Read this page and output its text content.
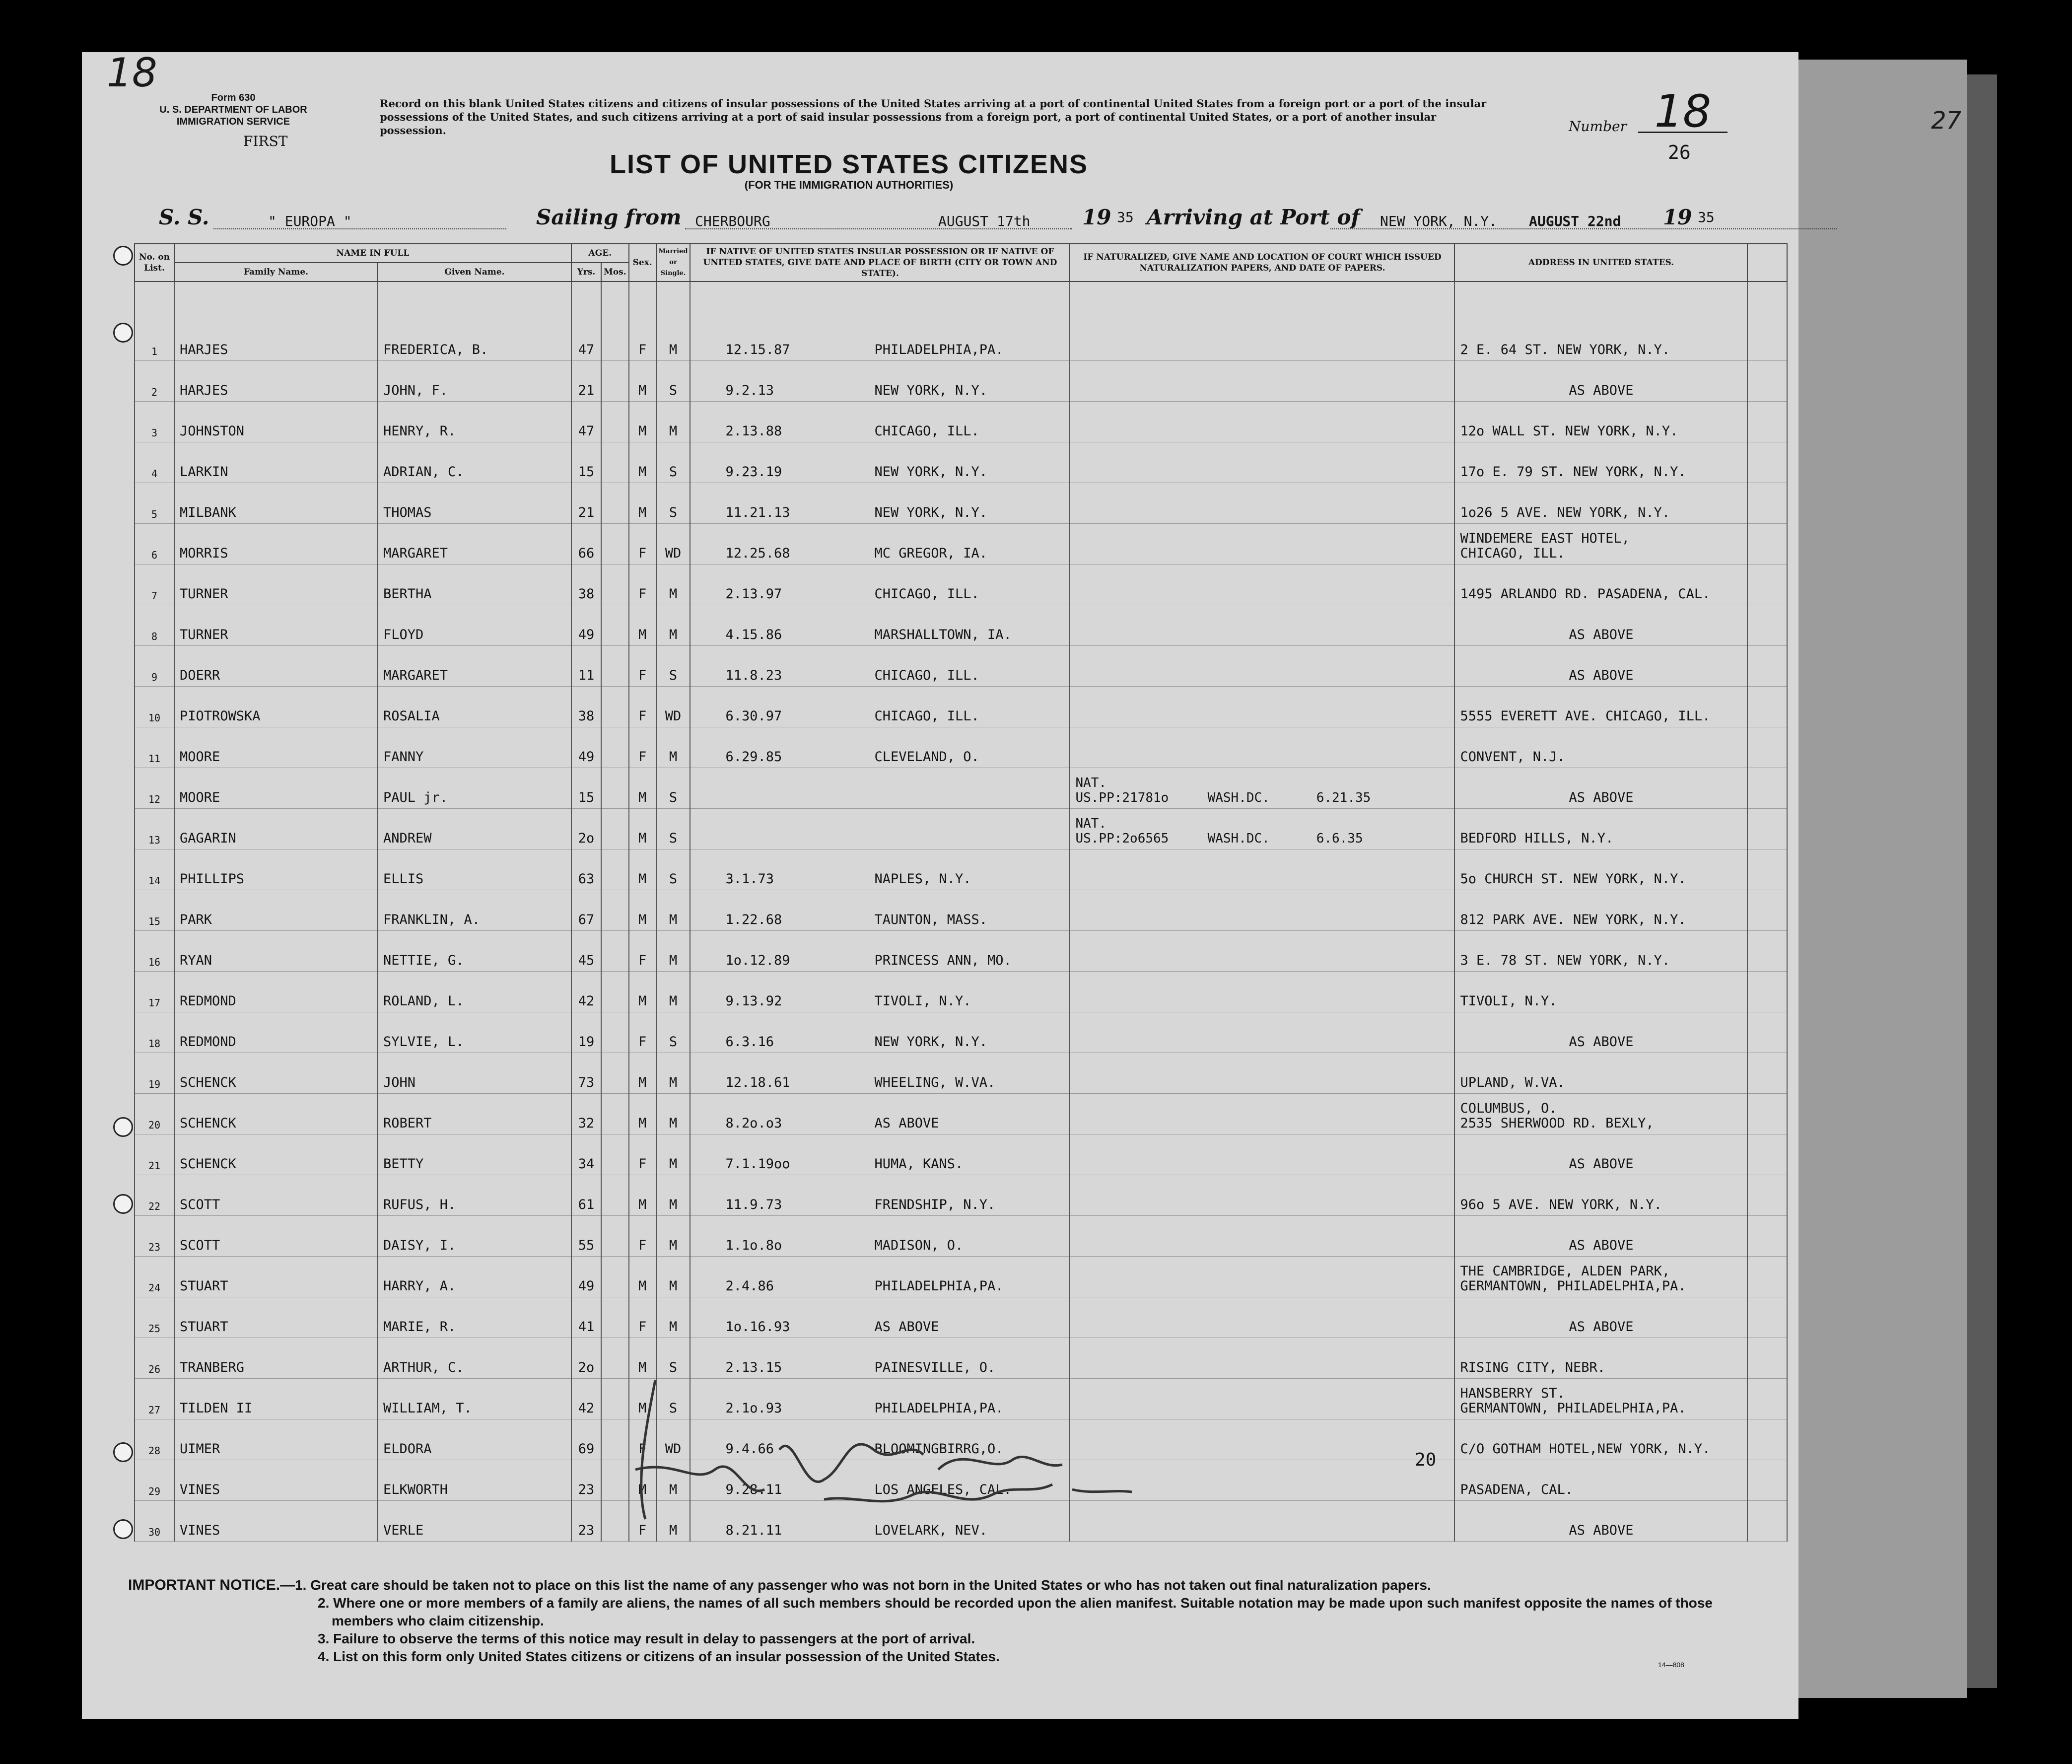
18
27
Form 630
U. S. DEPARTMENT OF LABOR
IMMIGRATION SERVICE
FIRST
Record on this blank United States citizens and citizens of insular possessions of the United States arriving at a port of continental United States from a foreign port or a port of the insular possessions of the United States, and such citizens arriving at a port of said insular possessions from a foreign port, a port of continental United States, or a port of another insular possession.	Number 18
26
LIST OF UNITED STATES CITIZENS
(FOR THE IMMIGRATION AUTHORITIES)
S. S.	" EUROPA "	Sailing from CHERBOURG	AUGUST 17th 19 35 Arriving at Port of NEW YORK, N.Y. AUGUST 22nd 19 35
No. on List.	NAME IN FULL		AGE.		Sex.	Married or Single.	IF NATIVE OF UNITED STATES INSULAR POSSESSION OR IF NATIVE OF UNITED STATES, GIVE DATE AND PLACE OF BIRTH (CITY OR TOWN AND STATE).	IF NATURALIZED, GIVE NAME AND LOCATION OF COURT WHICH ISSUED NATURALIZATION PAPERS, AND DATE OF PAPERS.	ADDRESS IN UNITED STATES.	
	Family Name.	Given Name.	Yrs.	Mos.						

1	HARJES	FREDERICA, B.	47		F	M	12.15.87 PHILADELPHIA,PA.		2 E. 64 ST. NEW YORK, N.Y.	
2	HARJES	JOHN, F.	21		M	S	9.2.13 NEW YORK, N.Y.		AS ABOVE	
3	JOHNSTON	HENRY, R.	47		M	M	2.13.88 CHICAGO, ILL.		12o WALL ST. NEW YORK, N.Y.	
4	LARKIN	ADRIAN, C.	15		M	S	9.23.19 NEW YORK, N.Y.		17o E. 79 ST. NEW YORK, N.Y.	
5	MILBANK	THOMAS	21		M	S	11.21.13 NEW YORK, N.Y.		1o26 5 AVE. NEW YORK, N.Y.	
6	MORRIS	MARGARET	66		F	WD	12.25.68 MC GREGOR, IA.		WINDEMERE EAST HOTEL,
CHICAGO, ILL.	
7	TURNER	BERTHA	38		F	M	2.13.97 CHICAGO, ILL.		1495 ARLANDO RD. PASADENA, CAL.	
8	TURNER	FLOYD	49		M	M	4.15.86 MARSHALLTOWN, IA.		AS ABOVE	
9	DOERR	MARGARET	11		F	S	11.8.23 CHICAGO, ILL.		AS ABOVE	
10	PIOTROWSKA	ROSALIA	38		F	WD	6.30.97 CHICAGO, ILL.		5555 EVERETT AVE. CHICAGO, ILL.	
11	MOORE	FANNY	49		F	M	6.29.85 CLEVELAND, O.		CONVENT, N.J.	
12	MOORE	PAUL jr.	15		M	S		NAT.
US.PP:21781o     WASH.DC.      6.21.35	AS ABOVE	
13	GAGARIN	ANDREW	2o		M	S		NAT.
US.PP:2o6565     WASH.DC.      6.6.35	BEDFORD HILLS, N.Y.	
14	PHILLIPS	ELLIS	63		M	S	3.1.73 NAPLES, N.Y.		5o CHURCH ST. NEW YORK, N.Y.	
15	PARK	FRANKLIN, A.	67		M	M	1.22.68 TAUNTON, MASS.		812 PARK AVE. NEW YORK, N.Y.	
16	RYAN	NETTIE, G.	45		F	M	1o.12.89 PRINCESS ANN, MO.		3 E. 78 ST. NEW YORK, N.Y.	
17	REDMOND	ROLAND, L.	42		M	M	9.13.92 TIVOLI, N.Y.		TIVOLI, N.Y.	
18	REDMOND	SYLVIE, L.	19		F	S	6.3.16 NEW YORK, N.Y.		AS ABOVE	
19	SCHENCK	JOHN	73		M	M	12.18.61 WHEELING, W.VA.		UPLAND, W.VA.	
20	SCHENCK	ROBERT	32		M	M	8.2o.o3 AS ABOVE		COLUMBUS, O.
2535 SHERWOOD RD. BEXLY,	
21	SCHENCK	BETTY	34		F	M	7.1.19oo HUMA, KANS.		AS ABOVE	
22	SCOTT	RUFUS, H.	61		M	M	11.9.73 FRENDSHIP, N.Y.		96o 5 AVE. NEW YORK, N.Y.	
23	SCOTT	DAISY, I.	55		F	M	1.1o.8o MADISON, O.		AS ABOVE	
24	STUART	HARRY, A.	49		M	M	2.4.86 PHILADELPHIA,PA.		THE CAMBRIDGE, ALDEN PARK,
GERMANTOWN, PHILADELPHIA,PA.	
25	STUART	MARIE, R.	41		F	M	1o.16.93 AS ABOVE		AS ABOVE	
26	TRANBERG	ARTHUR, C.	2o		M	S	2.13.15 PAINESVILLE, O.		RISING CITY, NEBR.	
27	TILDEN II	WILLIAM, T.	42		M	S	2.1o.93 PHILADELPHIA,PA.		HANSBERRY ST.
GERMANTOWN, PHILADELPHIA,PA.	
28	UIMER	ELDORA	69		F	WD	9.4.66 BLOOMINGBIRRG,O.		C/O GOTHAM HOTEL,NEW YORK, N.Y.	
29	VINES	ELKWORTH	23		M	M	9.28.11 LOS ANGELES, CAL.		PASADENA, CAL.	
30	VINES	VERLE	23		F	M	8.21.11 LOVELARK, NEV.		AS ABOVE	
20
IMPORTANT NOTICE.—1. Great care should be taken not to place on this list the name of any passenger who was not born in the United States or who has not taken out final naturalization papers.
2. Where one or more members of a family are aliens, the names of all such members should be recorded upon the alien manifest. Suitable notation may be made upon such manifest opposite the names of those members who claim citizenship.
3. Failure to observe the terms of this notice may result in delay to passengers at the port of arrival.
4. List on this form only United States citizens or citizens of an insular possession of the United States.
14—808
